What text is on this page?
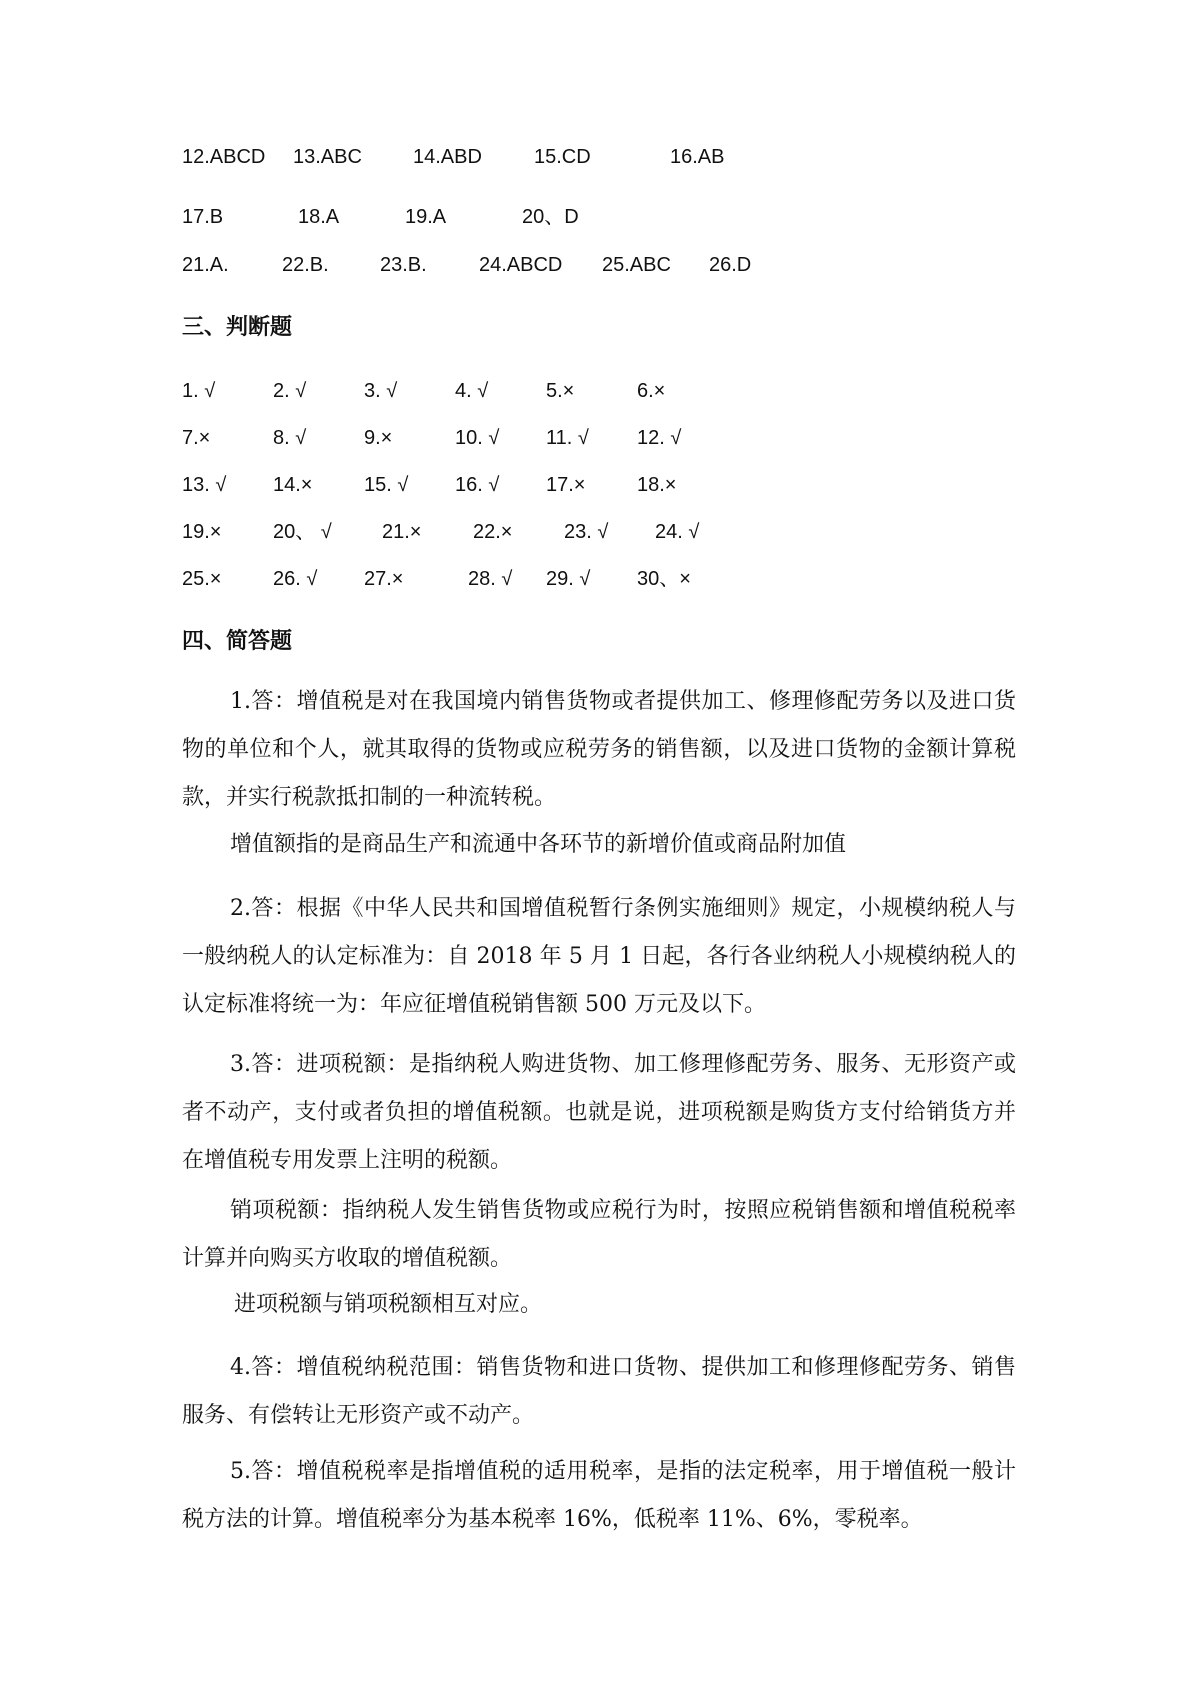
12.ABCD 13.ABC	14.ABD	15.CD	16.AB
17.B	18.A	19.A	20、D
21.A.	22.B.	23.B.	24.ABCD 25.ABC 26.D
三、判断题
1. √	2. √	3. √	4. √	5.×	6.×
7.×	8. √	9.×	10. √ 11. √ 12. √
13. √ 14.×	15. √ 16. √ 17.×	18.×
19.×	20、 √	21.×	22.×	23. √ 24. √
25.×	26. √ 27.×	28. √ 29. √ 30、×
四、简答题
1.答：增值税是对在我国境内销售货物或者提供加工、修理修配劳务以及进口货物的单位和个人，就其取得的货物或应税劳务的销售额，以及进口货物的金额计算税款，并实行税款抵扣制的一种流转税。
增值额指的是商品生产和流通中各环节的新增价值或商品附加值
2.答：根据《中华人民共和国增值税暂行条例实施细则》规定，小规模纳税人与一般纳税人的认定标准为：自 2018 年 5 月 1 日起，各行各业纳税人小规模纳税人的认定标准将统一为：年应征增值税销售额 500 万元及以下。
3.答：进项税额：是指纳税人购进货物、加工修理修配劳务、服务、无形资产或者不动产，支付或者负担的增值税额。也就是说，进项税额是购货方支付给销货方并在增值税专用发票上注明的税额。
销项税额：指纳税人发生销售货物或应税行为时，按照应税销售额和增值税税率计算并向购买方收取的增值税额。
进项税额与销项税额相互对应。
4.答：增值税纳税范围：销售货物和进口货物、提供加工和修理修配劳务、销售服务、有偿转让无形资产或不动产。
5.答：增值税税率是指增值税的适用税率，是指的法定税率，用于增值税一般计税方法的计算。增值税率分为基本税率 16%，低税率 11%、6%，零税率。
